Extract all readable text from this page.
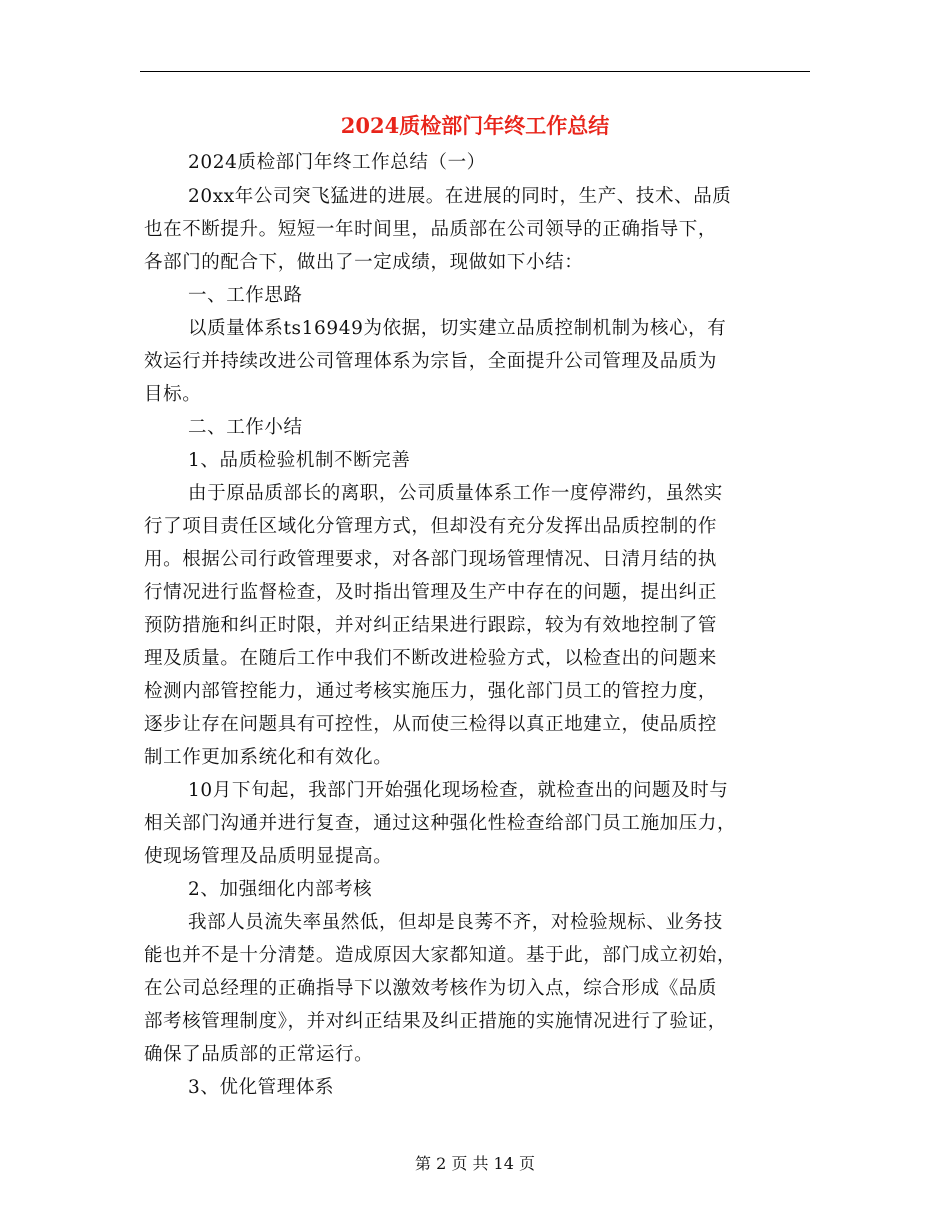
2024质检部门年终工作总结
2024质检部门年终工作总结（一）
20xx年公司突飞猛进的进展。在进展的同时，生产、技术、品质
也在不断提升。短短一年时间里，品质部在公司领导的正确指导下，
各部门的配合下，做出了一定成绩，现做如下小结：
一、工作思路
以质量体系ts16949为依据，切实建立品质控制机制为核心，有
效运行并持续改进公司管理体系为宗旨，全面提升公司管理及品质为
目标。
二、工作小结
1、品质检验机制不断完善
由于原品质部长的离职，公司质量体系工作一度停滞约，虽然实
行了项目责任区域化分管理方式，但却没有充分发挥出品质控制的作
用。根据公司行政管理要求，对各部门现场管理情况、日清月结的执
行情况进行监督检查，及时指出管理及生产中存在的问题，提出纠正
预防措施和纠正时限，并对纠正结果进行跟踪，较为有效地控制了管
理及质量。在随后工作中我们不断改进检验方式，以检查出的问题来
检测内部管控能力，通过考核实施压力，强化部门员工的管控力度，
逐步让存在问题具有可控性，从而使三检得以真正地建立，使品质控
制工作更加系统化和有效化。
10月下旬起，我部门开始强化现场检查，就检查出的问题及时与
相关部门沟通并进行复查，通过这种强化性检查给部门员工施加压力，
使现场管理及品质明显提高。
2、加强细化内部考核
我部人员流失率虽然低，但却是良莠不齐，对检验规标、业务技
能也并不是十分清楚。造成原因大家都知道。基于此，部门成立初始，
在公司总经理的正确指导下以激效考核作为切入点，综合形成《品质
部考核管理制度》，并对纠正结果及纠正措施的实施情况进行了验证，
确保了品质部的正常运行。
3、优化管理体系
第 2 页 共 14 页
